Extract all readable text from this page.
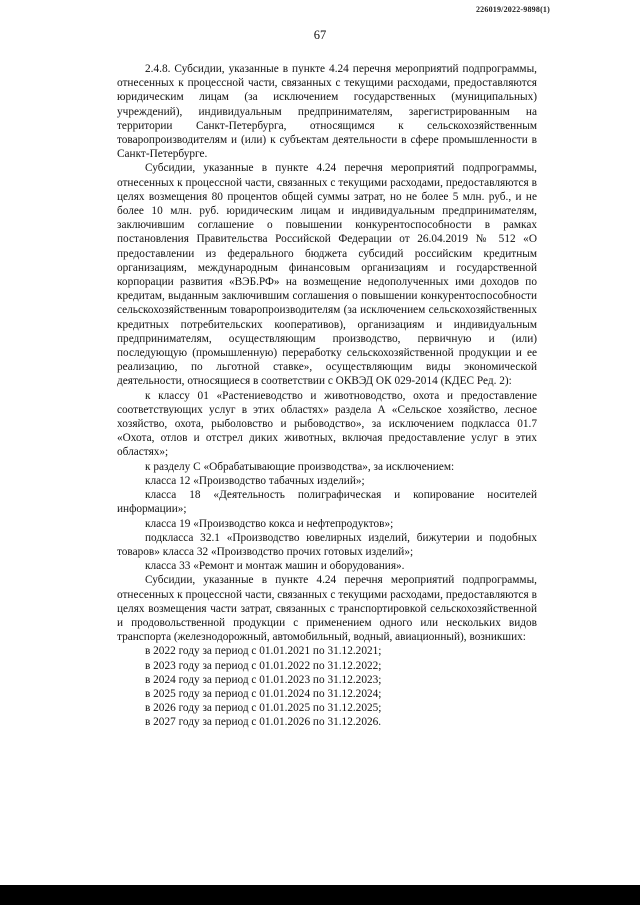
226019/2022-9898(1)
67

2.4.8. Субсидии, указанные в пункте 4.24 перечня мероприятий подпрограммы, отнесенных к процессной части, связанных с текущими расходами, предоставляются юридическим лицам (за исключением государственных (муниципальных) учреждений), индивидуальным предпринимателям, зарегистрированным на территории Санкт-Петербурга, относящимся к сельскохозяйственным товаропроизводителям и (или) к субъектам деятельности в сфере промышленности в Санкт-Петербурге.

Субсидии, указанные в пункте 4.24 перечня мероприятий подпрограммы, отнесенных к процессной части, связанных с текущими расходами, предоставляются в целях возмещения 80 процентов общей суммы затрат, но не более 5 млн. руб., и не более 10 млн. руб. юридическим лицам и индивидуальным предпринимателям, заключившим соглашение о повышении конкурентоспособности в рамках постановления Правительства Российской Федерации от 26.04.2019 № 512 «О предоставлении из федерального бюджета субсидий российским кредитным организациям, международным финансовым организациям и государственной корпорации развития «ВЭБ.РФ» на возмещение недополученных ими доходов по кредитам, выданным заключившим соглашения о повышении конкурентоспособности сельскохозяйственным товаропроизводителям (за исключением сельскохозяйственных кредитных потребительских кооперативов), организациям и индивидуальным предпринимателям, осуществляющим производство, первичную и (или) последующую (промышленную) переработку сельскохозяйственной продукции и ее реализацию, по льготной ставке», осуществляющим виды экономической деятельности, относящиеся в соответствии с ОКВЭД ОК 029-2014 (КДЕС Ред. 2):

к классу 01 «Растениеводство и животноводство, охота и предоставление соответствующих услуг в этих областях» раздела А «Сельское хозяйство, лесное хозяйство, охота, рыболовство и рыбоводство», за исключением подкласса 01.7 «Охота, отлов и отстрел диких животных, включая предоставление услуг в этих областях»;

к разделу С «Обрабатывающие производства», за исключением:

класса 12 «Производство табачных изделий»;

класса 18 «Деятельность полиграфическая и копирование носителей информации»;

класса 19 «Производство кокса и нефтепродуктов»;

подкласса 32.1 «Производство ювелирных изделий, бижутерии и подобных товаров» класса 32 «Производство прочих готовых изделий»;

класса 33 «Ремонт и монтаж машин и оборудования».

Субсидии, указанные в пункте 4.24 перечня мероприятий подпрограммы, отнесенных к процессной части, связанных с текущими расходами, предоставляются в целях возмещения части затрат, связанных с транспортировкой сельскохозяйственной и продовольственной продукции с применением одного или нескольких видов транспорта (железнодорожный, автомобильный, водный, авиационный), возникших:

в 2022 году за период с 01.01.2021 по 31.12.2021;

в 2023 году за период с 01.01.2022 по 31.12.2022;

в 2024 году за период с 01.01.2023 по 31.12.2023;

в 2025 году за период с 01.01.2024 по 31.12.2024;

в 2026 году за период с 01.01.2025 по 31.12.2025;

в 2027 году за период с 01.01.2026 по 31.12.2026.
